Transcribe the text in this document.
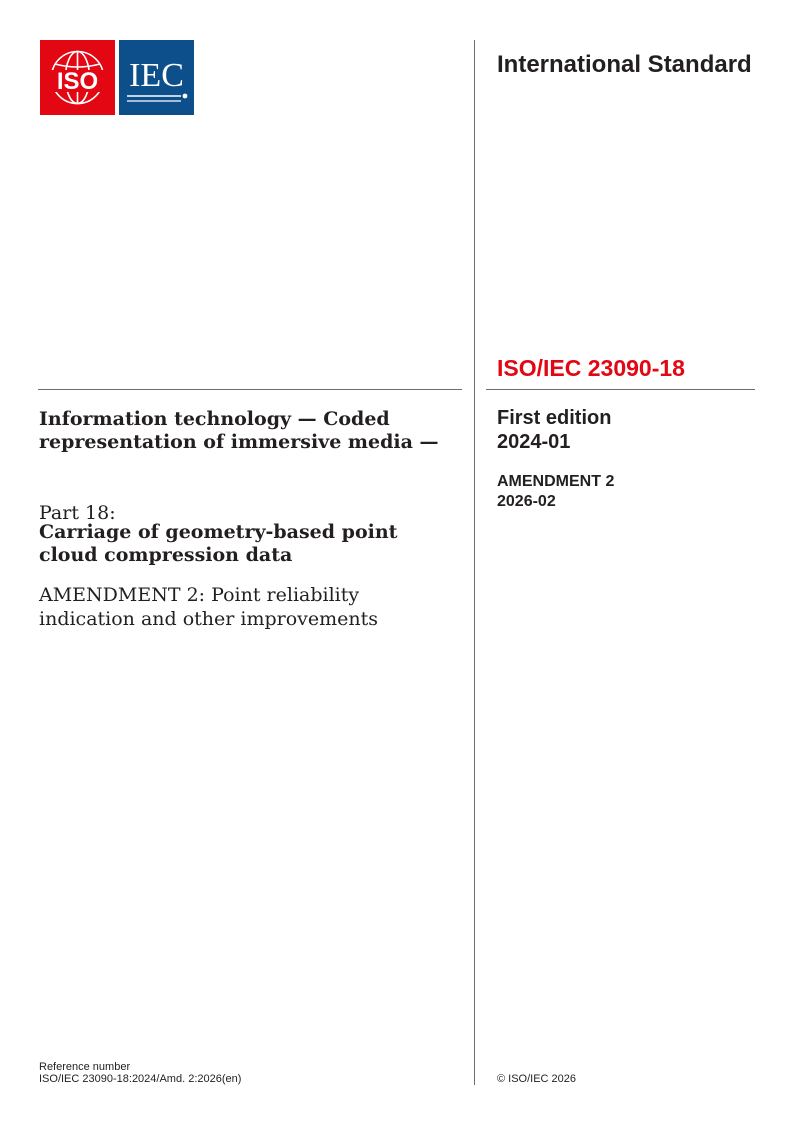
ISO IEC	International Standard
ISO/IEC 23090-18
First edition
2024-01
AMENDMENT 2
2026-02
© ISO/IEC 2026
Information technology — Coded representation of immersive media —
Part 18:
Carriage of geometry-based point cloud compression data
AMENDMENT 2: Point reliability indication and other improvements
Reference number
ISO/IEC 23090-18:2024/Amd. 2:2026(en)
